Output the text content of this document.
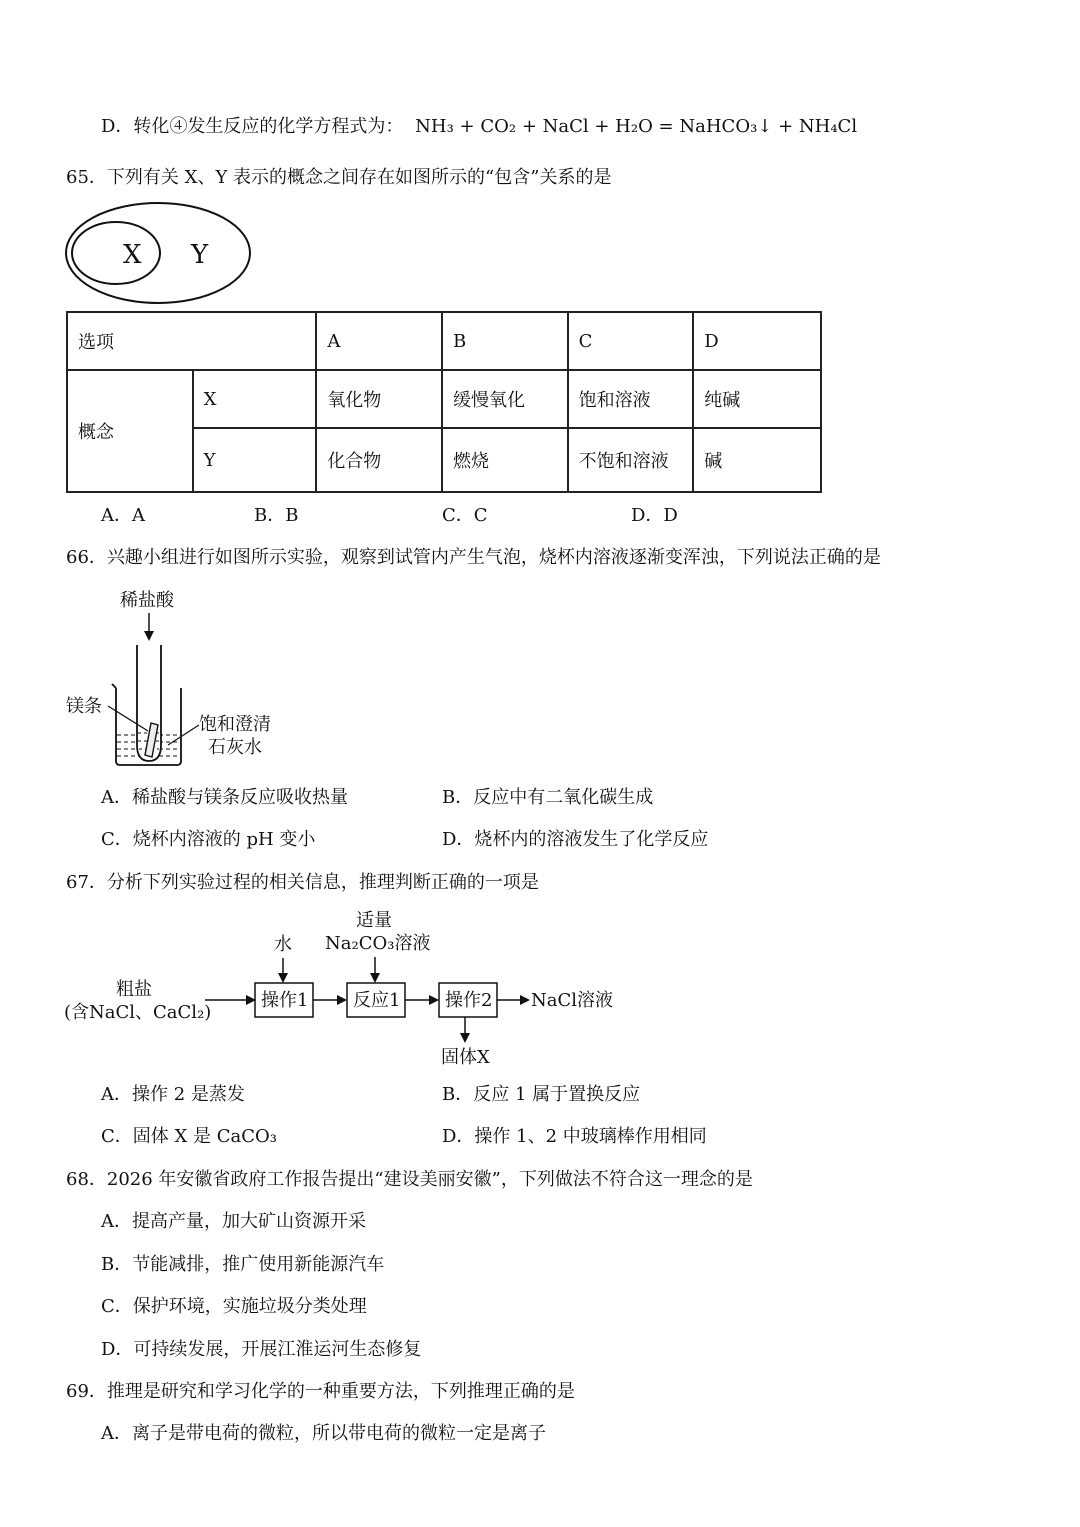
D．转化④发生反应的化学方程式为： NH₃ + CO₂ + NaCl + H₂O = NaHCO₃↓ + NH₄Cl
65．下列有关 X、Y 表示的概念之间存在如图所示的“包含”关系的是
X Y
选项		A	B	C	D
概念	X	氧化物	缓慢氧化	饱和溶液	纯碱
	Y	化合物	燃烧	不饱和溶液	碱
A．A	B．B	C．C	D．D
66．兴趣小组进行如图所示实验，观察到试管内产生气泡，烧杯内溶液逐渐变浑浊，下列说法正确的是
稀盐酸
镁条
饱和澄清
石灰水
A．稀盐酸与镁条反应吸收热量	B．反应中有二氧化碳生成
C．烧杯内溶液的 pH 变小	D．烧杯内的溶液发生了化学反应
67．分析下列实验过程的相关信息，推理判断正确的一项是
粗盐
(含NaCl、CaCl₂)
水
操作1
适量
Na₂CO₃溶液
反应1 操作2 NaCl溶液
固体X
A．操作 2 是蒸发	B．反应 1 属于置换反应
C．固体 X 是 CaCO₃	D．操作 1、2 中玻璃棒作用相同
68．2026 年安徽省政府工作报告提出“建设美丽安徽”，下列做法不符合这一理念的是
A．提高产量，加大矿山资源开采
B．节能减排，推广使用新能源汽车
C．保护环境，实施垃圾分类处理
D．可持续发展，开展江淮运河生态修复
69．推理是研究和学习化学的一种重要方法，下列推理正确的是
A．离子是带电荷的微粒，所以带电荷的微粒一定是离子
